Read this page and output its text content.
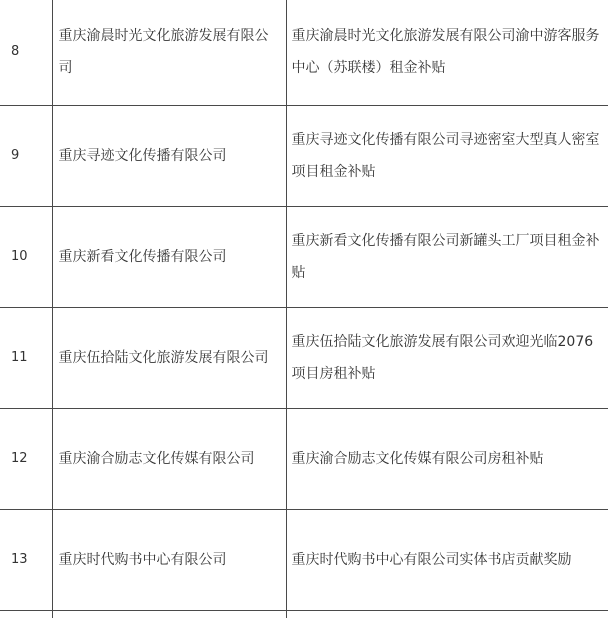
8	重庆渝晨时光文化旅游发展有限公司	重庆渝晨时光文化旅游发展有限公司渝中游客服务中心（苏联楼）租金补贴

9	重庆寻迹文化传播有限公司	重庆寻迹文化传播有限公司寻迹密室大型真人密室项目租金补贴

10	重庆新看文化传播有限公司	重庆新看文化传播有限公司新罐头工厂项目租金补贴

11	重庆伍拾陆文化旅游发展有限公司	重庆伍拾陆文化旅游发展有限公司欢迎光临2076项目房租补贴

12	重庆渝合励志文化传媒有限公司	重庆渝合励志文化传媒有限公司房租补贴

13	重庆时代购书中心有限公司	重庆时代购书中心有限公司实体书店贡献奖励
